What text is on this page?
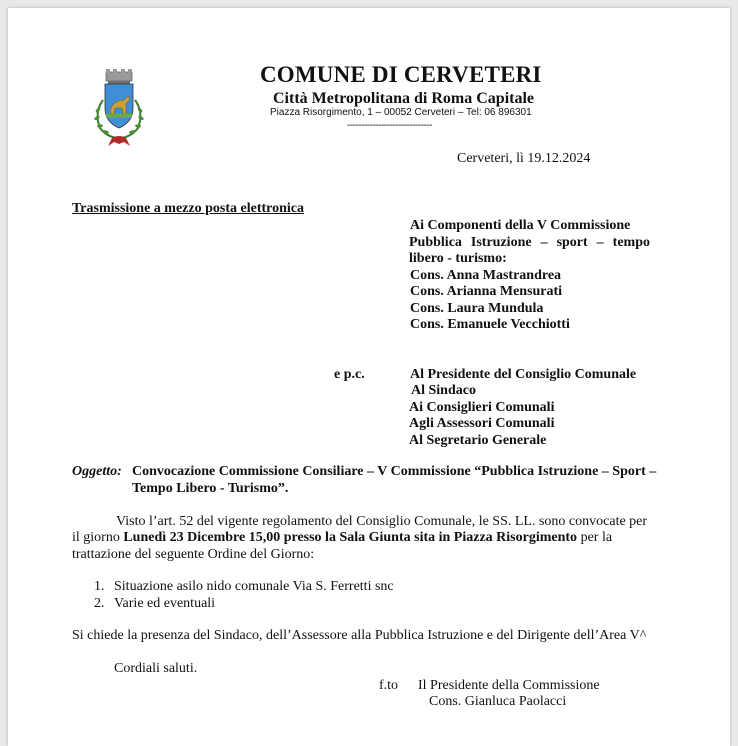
COMUNE DI CERVETERI
Città Metropolitana di Roma Capitale
Piazza Risorgimento, 1 – 00052 Cerveteri – Tel: 06 896301
------------------------------
Cerveteri, lì 19.12.2024
Trasmissione a mezzo posta elettronica
Ai Componenti della V Commissione
Pubblica  Istruzione  –  sport  –  tempo
libero - turismo:
Cons. Anna Mastrandrea
Cons. Arianna Mensurati
Cons. Laura Mundula
Cons. Emanuele Vecchiotti
e p.c.	Al Presidente del Consiglio Comunale
Al Sindaco
Ai Consiglieri Comunali
Agli Assessori Comunali
Al Segretario Generale
Oggetto: Convocazione Commissione Consiliare – V Commissione “Pubblica Istruzione – Sport –
Tempo Libero - Turismo”.
Visto l’art. 52 del vigente regolamento del Consiglio Comunale, le SS. LL. sono convocate per
il giorno Lunedì 23 Dicembre 15,00 presso la Sala Giunta sita in Piazza Risorgimento per la
trattazione del seguente Ordine del Giorno:
1. Situazione asilo nido comunale Via S. Ferretti snc
2. Varie ed eventuali
Si chiede la presenza del Sindaco, dell’Assessore alla Pubblica Istruzione e del Dirigente dell’Area V^
Cordiali saluti.
f.to Il Presidente della Commissione
Cons. Gianluca Paolacci
